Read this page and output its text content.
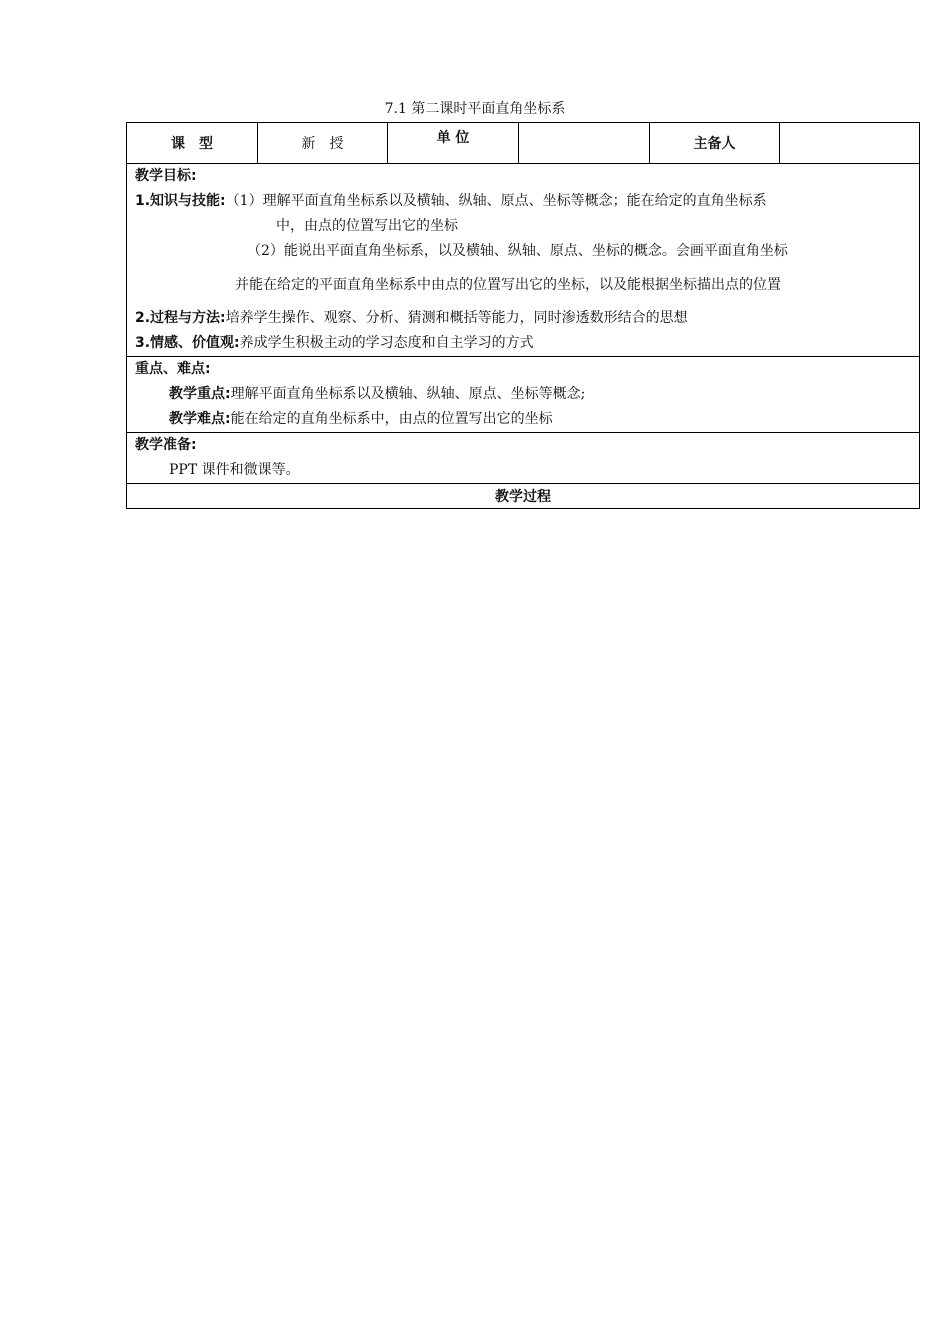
7.1 第二课时平面直角坐标系
课　型	新　授	单 位		主备人	

教学目标:
1.知识与技能:（1）理解平面直角坐标系以及横轴、纵轴、原点、坐标等概念；能在给定的直角坐标系
中，由点的位置写出它的坐标
（2）能说出平面直角坐标系，以及横轴、纵轴、原点、坐标的概念。会画平面直角坐标
并能在给定的平面直角坐标系中由点的位置写出它的坐标，以及能根据坐标描出点的位置
2.过程与方法:培养学生操作、观察、分析、猜测和概括等能力，同时渗透数形结合的思想
3.情感、价值观:养成学生积极主动的学习态度和自主学习的方式

重点、难点:
教学重点:理解平面直角坐标系以及横轴、纵轴、原点、坐标等概念;
教学难点:能在给定的直角坐标系中，由点的位置写出它的坐标

教学准备:
PPT 课件和微课等。

教学过程
